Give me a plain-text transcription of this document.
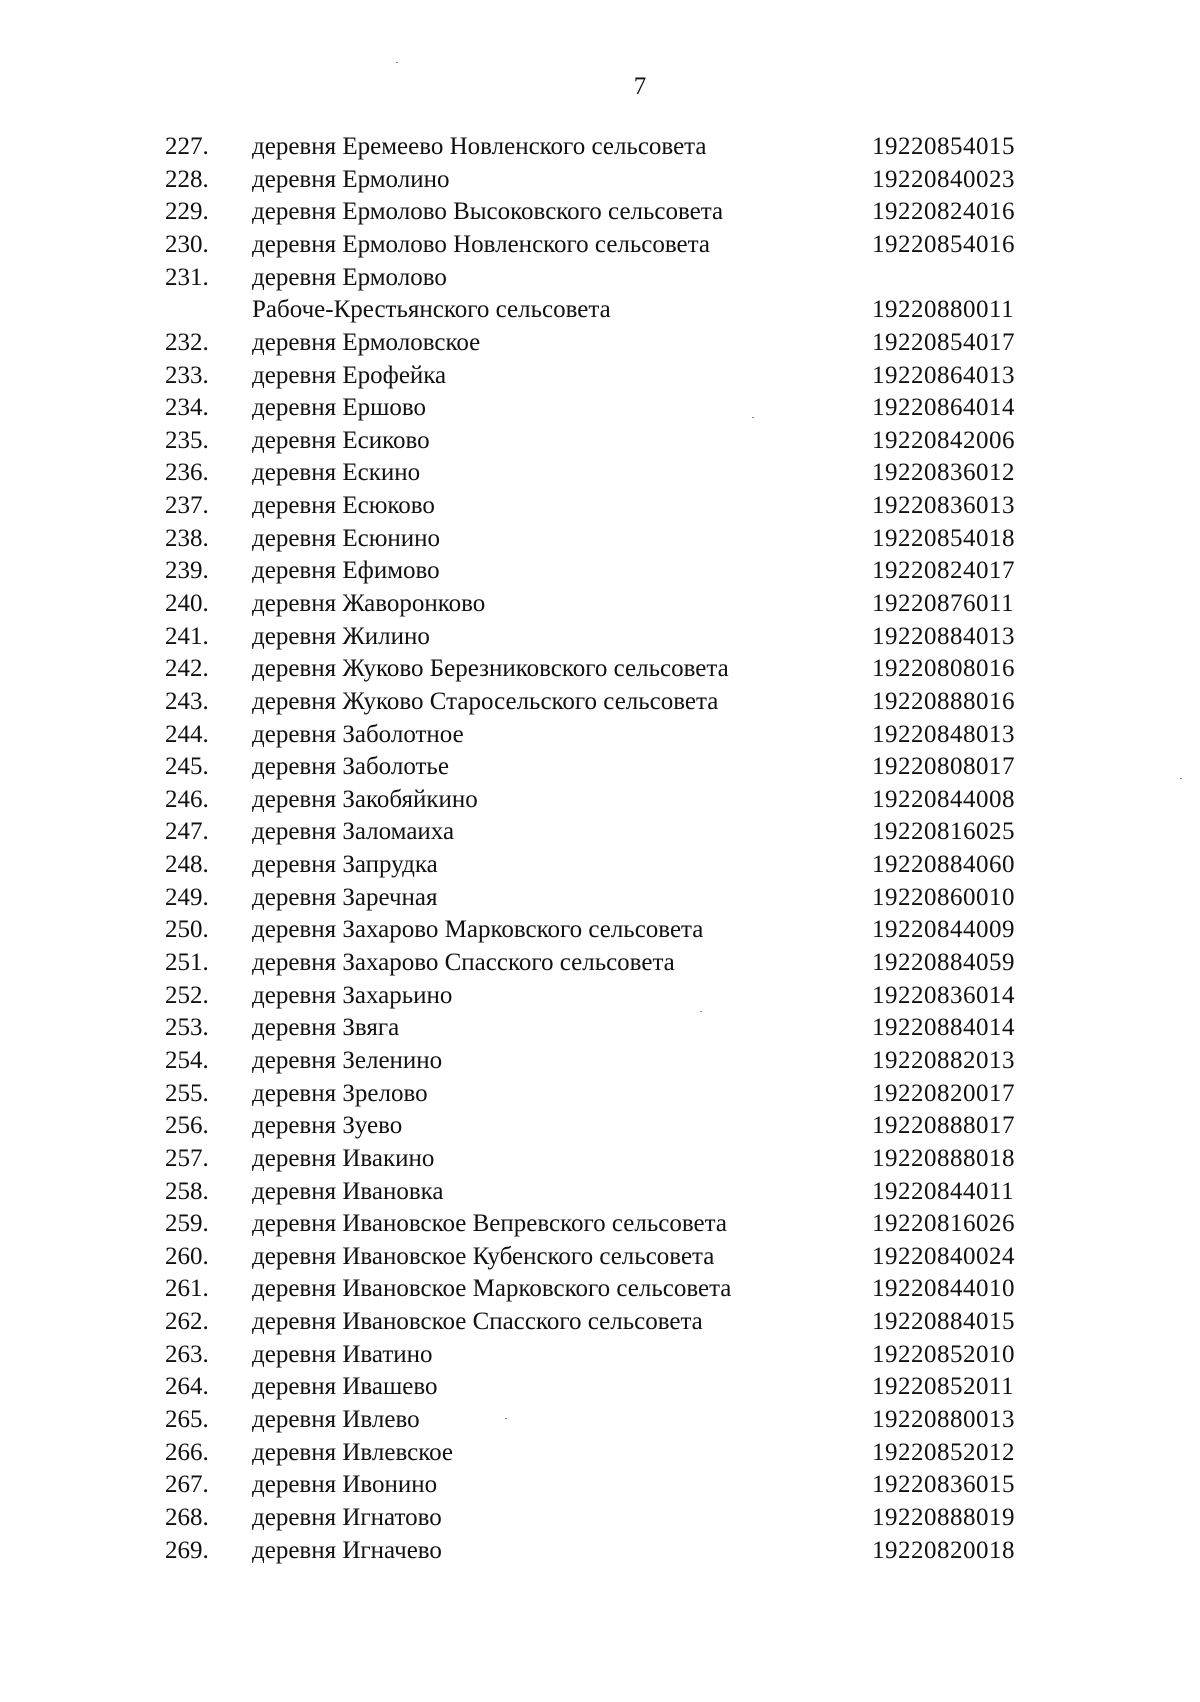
7
227. деревня Еремеево Новленского сельсовета	19220854015
228. деревня Ермолино	19220840023
229. деревня Ермолово Высоковского сельсовета	19220824016
230. деревня Ермолово Новленского сельсовета	19220854016
231. деревня Ермолово
Рабоче-Крестьянского сельсовета	19220880011
232. деревня Ермоловское	19220854017
233. деревня Ерофейка	19220864013
234. деревня Ершово	19220864014
235. деревня Есиково	19220842006
236. деревня Ескино	19220836012
237. деревня Есюково	19220836013
238. деревня Есюнино	19220854018
239. деревня Ефимово	19220824017
240. деревня Жаворонково	19220876011
241. деревня Жилино	19220884013
242. деревня Жуково Березниковского сельсовета	19220808016
243. деревня Жуково Старосельского сельсовета	19220888016
244. деревня Заболотное	19220848013
245. деревня Заболотье	19220808017
246. деревня Закобяйкино	19220844008
247. деревня Заломаиха	19220816025
248. деревня Запрудка	19220884060
249. деревня Заречная	19220860010
250. деревня Захарово Марковского сельсовета	19220844009
251. деревня Захарово Спасского сельсовета	19220884059
252. деревня Захарьино	19220836014
253. деревня Звяга	19220884014
254. деревня Зеленино	19220882013
255. деревня Зрелово	19220820017
256. деревня Зуево	19220888017
257. деревня Ивакино	19220888018
258. деревня Ивановка	19220844011
259. деревня Ивановское Вепревского сельсовета	19220816026
260. деревня Ивановское Кубенского сельсовета	19220840024
261. деревня Ивановское Марковского сельсовета	19220844010
262. деревня Ивановское Спасского сельсовета	19220884015
263. деревня Иватино	19220852010
264. деревня Ивашево	19220852011
265. деревня Ивлево	19220880013
266. деревня Ивлевское	19220852012
267. деревня Ивонино	19220836015
268. деревня Игнатово	19220888019
269. деревня Игначево	19220820018
